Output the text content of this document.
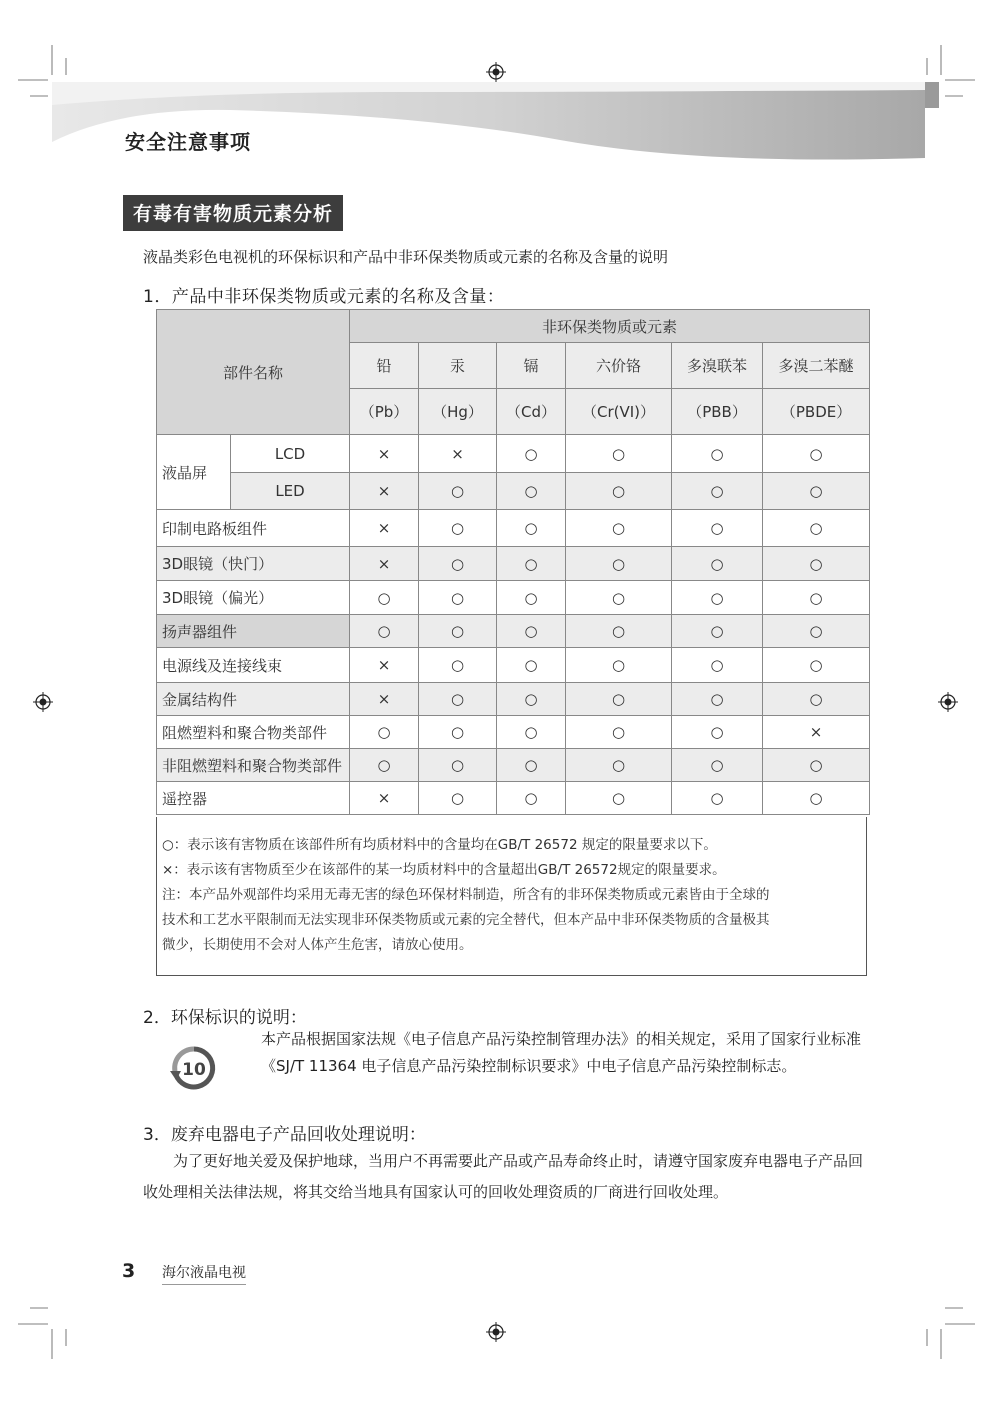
安全注意事项
有毒有害物质元素分析
液晶类彩色电视机的环保标识和产品中非环保类物质或元素的名称及含量的说明
1．产品中非环保类物质或元素的名称及含量：
部件名称		非环保类物质或元素					
		铅	汞	镉	六价铬	多溴联苯	多溴二苯醚
		（Pb）	（Hg）	（Cd）	（Cr(VI)）	（PBB）	（PBDE）
液晶屏	LCD	×	×	○	○	○	○
	LED	×	○	○	○	○	○
印制电路板组件		×	○	○	○	○	○
3D眼镜（快门）		×	○	○	○	○	○
3D眼镜（偏光）		○	○	○	○	○	○
扬声器组件		○	○	○	○	○	○
电源线及连接线束		×	○	○	○	○	○
金属结构件		×	○	○	○	○	○
阻燃塑料和聚合物类部件		○	○	○	○	○	×
非阻燃塑料和聚合物类部件		○	○	○	○	○	○
遥控器		×	○	○	○	○	○
○：表示该有害物质在该部件所有均质材料中的含量均在GB/T 26572 规定的限量要求以下。
×：表示该有害物质至少在该部件的某一均质材料中的含量超出GB/T 26572规定的限量要求。
注：本产品外观部件均采用无毒无害的绿色环保材料制造，所含有的非环保类物质或元素皆由于全球的
技术和工艺水平限制而无法实现非环保类物质或元素的完全替代，但本产品中非环保类物质的含量极其
微少，长期使用不会对人体产生危害，请放心使用。
2．环保标识的说明：
10
本产品根据国家法规《电子信息产品污染控制管理办法》的相关规定，采用了国家行业标准《SJ/T 11364 电子信息产品污染控制标识要求》中电子信息产品污染控制标志。
3．废弃电器电子产品回收处理说明：
为了更好地关爱及保护地球，当用户不再需要此产品或产品寿命终止时，请遵守国家废弃电器电子产品回收处理相关法律法规，将其交给当地具有国家认可的回收处理资质的厂商进行回收处理。
3 海尔液晶电视
